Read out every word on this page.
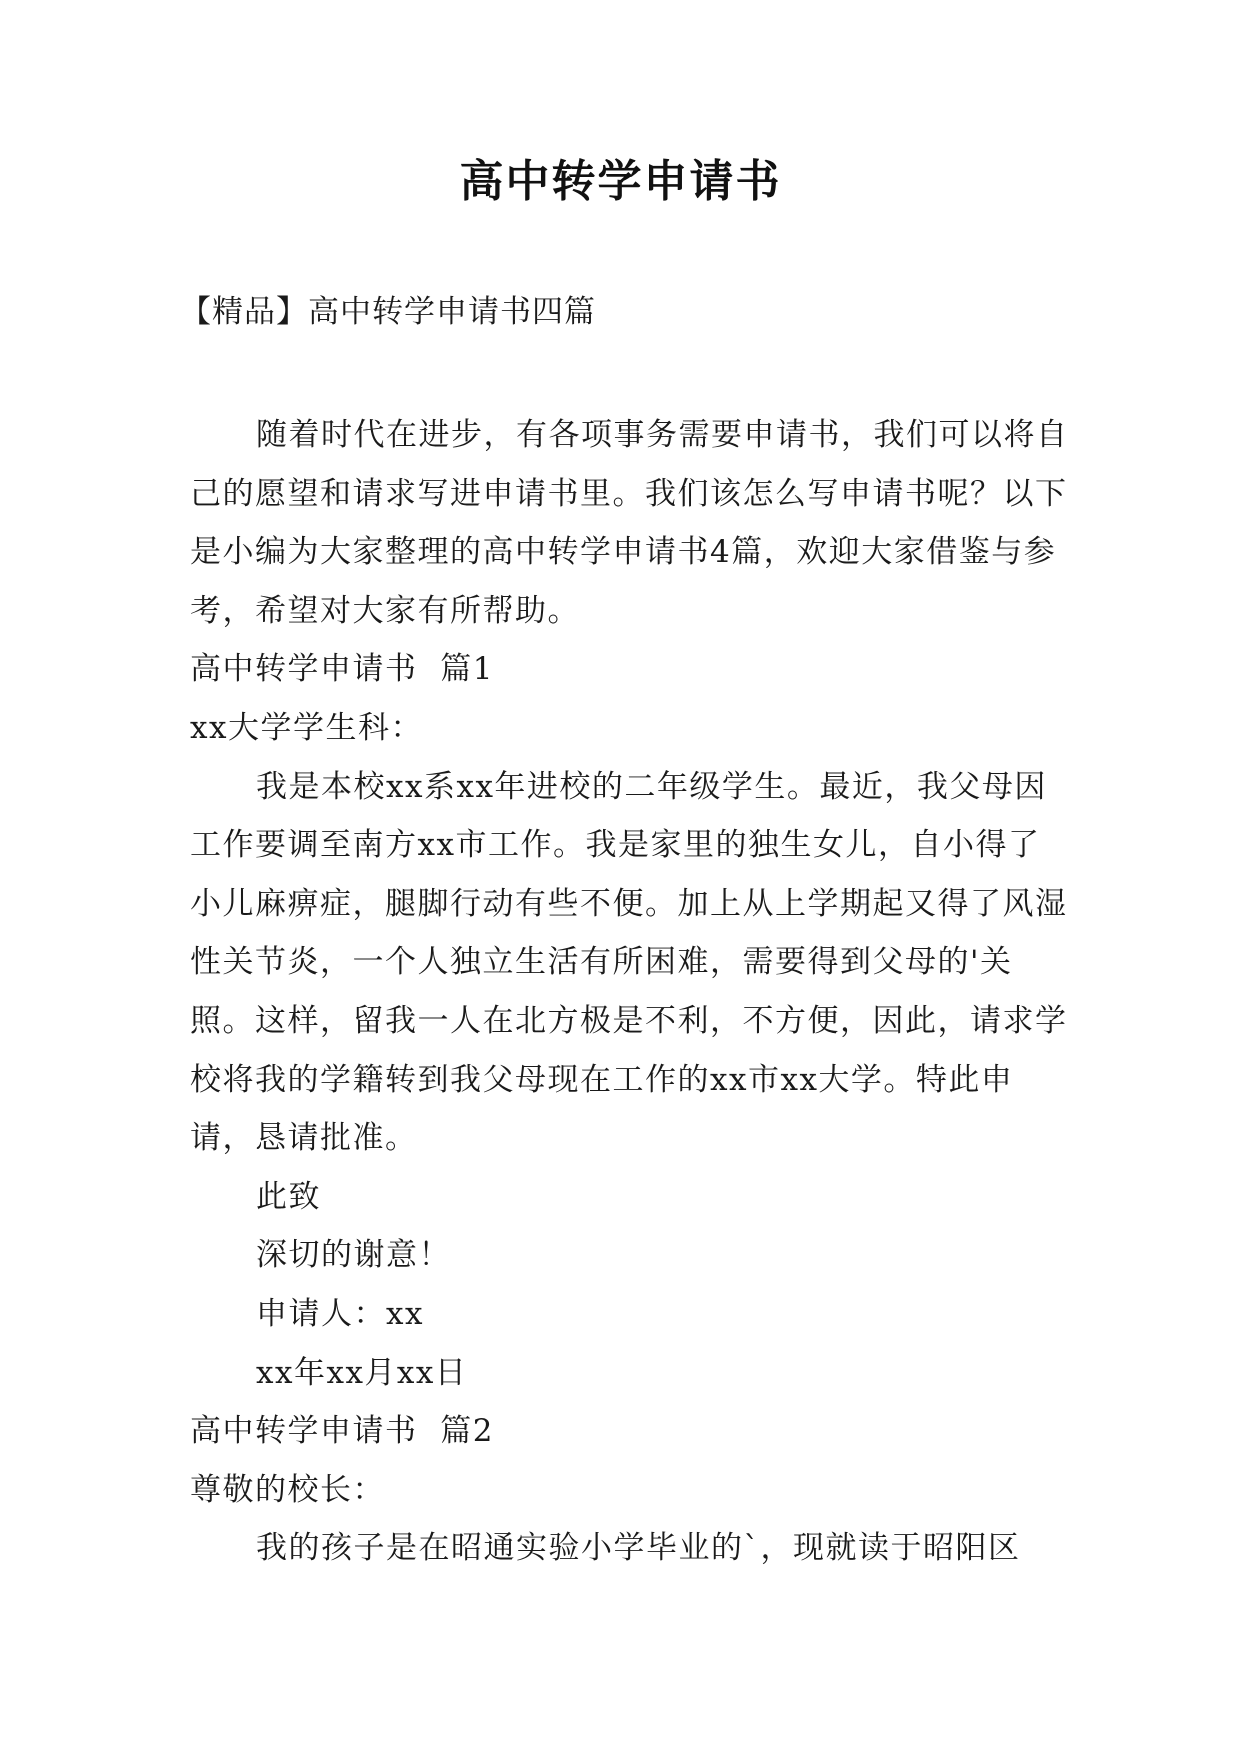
高中转学申请书
【精品】高中转学申请书四篇

随着时代在进步，有各项事务需要申请书，我们可以将自己的愿望和请求写进申请书里。我们该怎么写申请书呢？以下是小编为大家整理的高中转学申请书4篇，欢迎大家借鉴与参考，希望对大家有所帮助。

高中转学申请书  篇1

xx大学学生科：

我是本校xx系xx年进校的二年级学生。最近，我父母因工作要调至南方xx市工作。我是家里的独生女儿，自小得了小儿麻痹症，腿脚行动有些不便。加上从上学期起又得了风湿性关节炎，一个人独立生活有所困难，需要得到父母的'关照。这样，留我一人在北方极是不利，不方便，因此，请求学校将我的学籍转到我父母现在工作的xx市xx大学。特此申请，恳请批准。

此致

深切的谢意！

申请人：xx

xx年xx月xx日

高中转学申请书  篇2

尊敬的校长：

我的孩子是在昭通实验小学毕业的`，现就读于昭阳区
